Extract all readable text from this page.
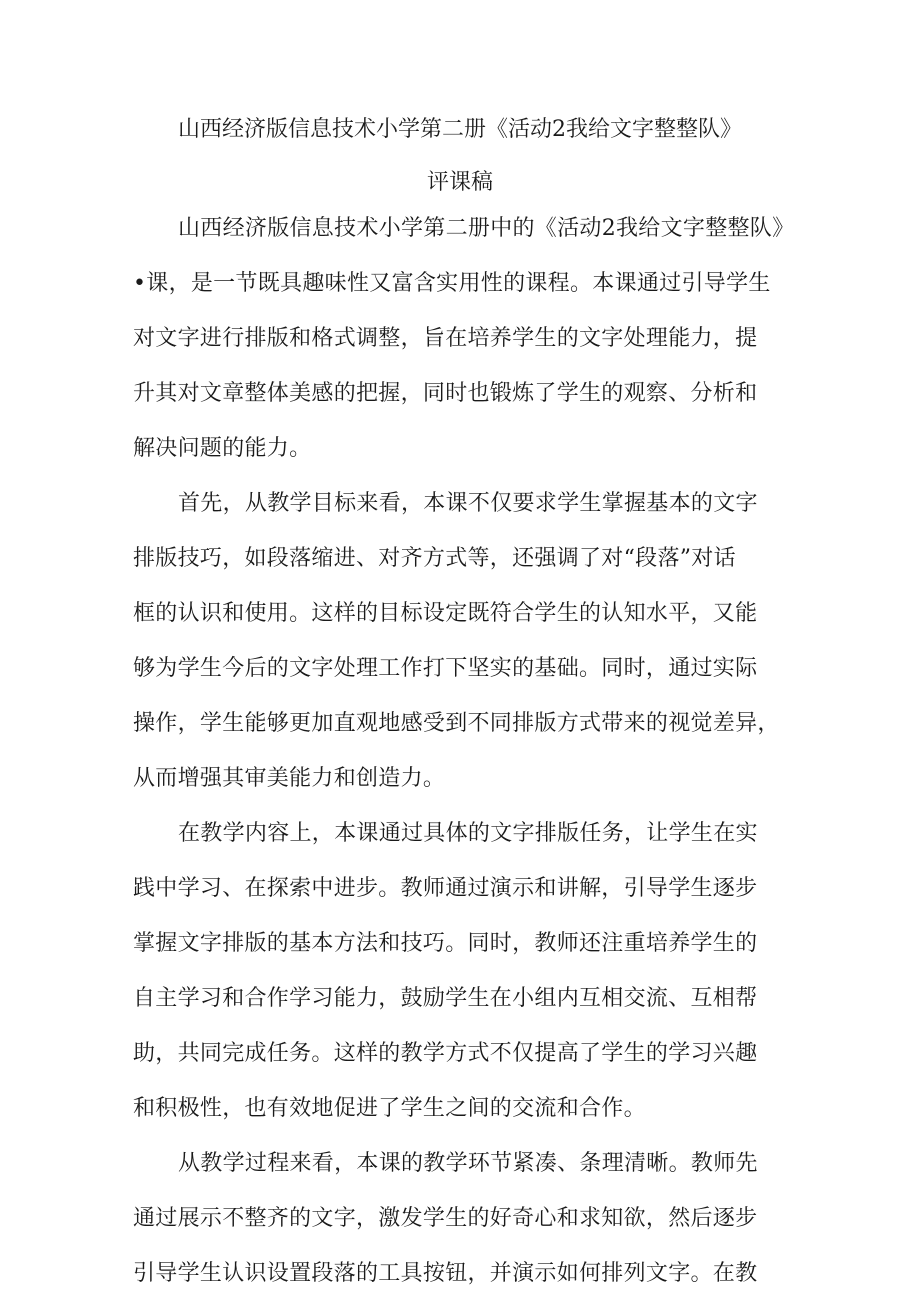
山西经济版信息技术小学第二册《活动2我给文字整整队》
评课稿
山西经济版信息技术小学第二册中的《活动2我给文字整整队》
•课，是一节既具趣味性又富含实用性的课程。本课通过引导学生
对文字进行排版和格式调整，旨在培养学生的文字处理能力，提
升其对文章整体美感的把握，同时也锻炼了学生的观察、分析和
解决问题的能力。
首先，从教学目标来看，本课不仅要求学生掌握基本的文字
排版技巧，如段落缩进、对齐方式等，还强调了对“段落”对话
框的认识和使用。这样的目标设定既符合学生的认知水平，又能
够为学生今后的文字处理工作打下坚实的基础。同时，通过实际
操作，学生能够更加直观地感受到不同排版方式带来的视觉差异，
从而增强其审美能力和创造力。
在教学内容上，本课通过具体的文字排版任务，让学生在实
践中学习、在探索中进步。教师通过演示和讲解，引导学生逐步
掌握文字排版的基本方法和技巧。同时，教师还注重培养学生的
自主学习和合作学习能力，鼓励学生在小组内互相交流、互相帮
助，共同完成任务。这样的教学方式不仅提高了学生的学习兴趣
和积极性，也有效地促进了学生之间的交流和合作。
从教学过程来看，本课的教学环节紧凑、条理清晰。教师先
通过展示不整齐的文字，激发学生的好奇心和求知欲，然后逐步
引导学生认识设置段落的工具按钮，并演示如何排列文字。在教
